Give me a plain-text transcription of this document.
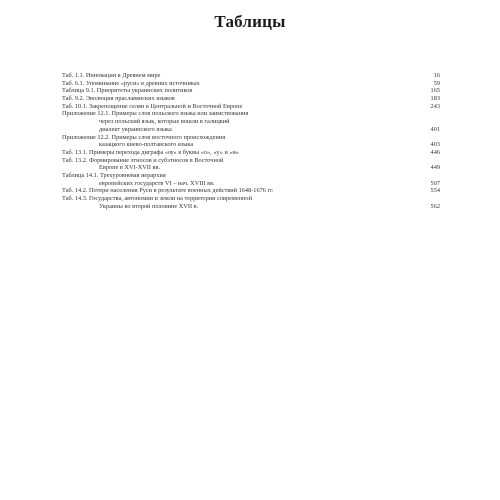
Таблицы
Таб. 1.1. Инновации в Древнем мире	16
Таб. 6.1. Упоминание «руси» в древних источниках	59
Таблица 9.1. Приоритеты украинских политиков	165
Таб. 9.2. Эволюция праславянских языков	183
Таб. 10.1. Закрепощение селян в Центральной и Восточной Европе	243
Приложение 12.1. Примеры слов польского языка или заимствования
через польский язык, которые вошли в галицкий
диалект украинского языка	401
Приложение 12.2. Примеры слов восточного происхождения
казацкого киево-полтавского языка	403
Таб. 13.1. Примеры перехода диграфа «ѹ» в буквы «о», «у» и «ѳ»	446
Таб. 13.2. Формирование этносов и субэтносов в Восточной
Европе в XVI-XVII вв.	449
Таблица 14.1. Трехуровневая иерархия
европейских государств VI – нач. XVIII вв.	507
Таб. 14.2. Потери населения Руси в результате военных действий 1648-1676 гг.	554
Таб. 14.3. Государства, автономии и земли на территории современной
Украины во второй половине XVII в.	562
